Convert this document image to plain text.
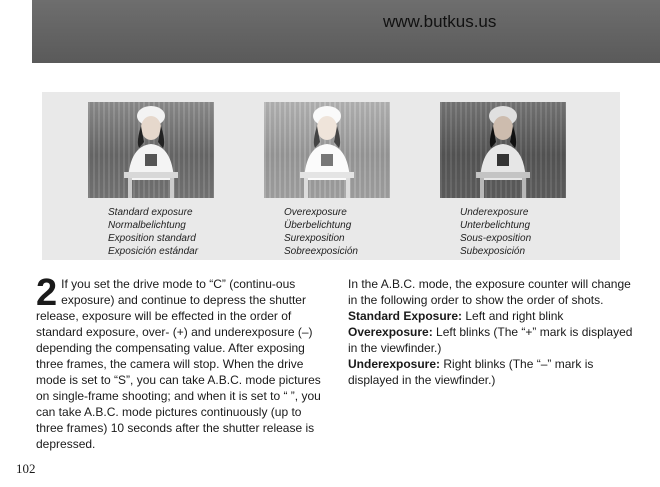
www.butkus.us
Standard exposure
Normalbelichtung
Exposition standard
Exposición estándar
Overexposure
Überbelichtung
Surexposition
Sobreexposición
Underexposure
Unterbelichtung
Sous-exposition
Subexposición
2 If you set the drive mode to “C” (continu-ous exposure) and continue to depress the shutter release, exposure will be effected in the order of standard exposure, over- (+) and underexposure (–) depending the compensating value. After exposing three frames, the camera will stop. When the drive mode is set to “S”, you can take A.B.C. mode pictures on single-frame shooting; and when it is set to “ ”, you can take A.B.C. mode pictures continuously (up to three frames) 10 seconds after the shutter release is depressed.

In the A.B.C. mode, the exposure counter will change in the following order to show the order of shots.

Standard Exposure: Left and right blink

Overexposure: Left blinks (The “+” mark is displayed in the viewfinder.)

Underexposure: Right blinks (The “–” mark is displayed in the viewfinder.)

102
